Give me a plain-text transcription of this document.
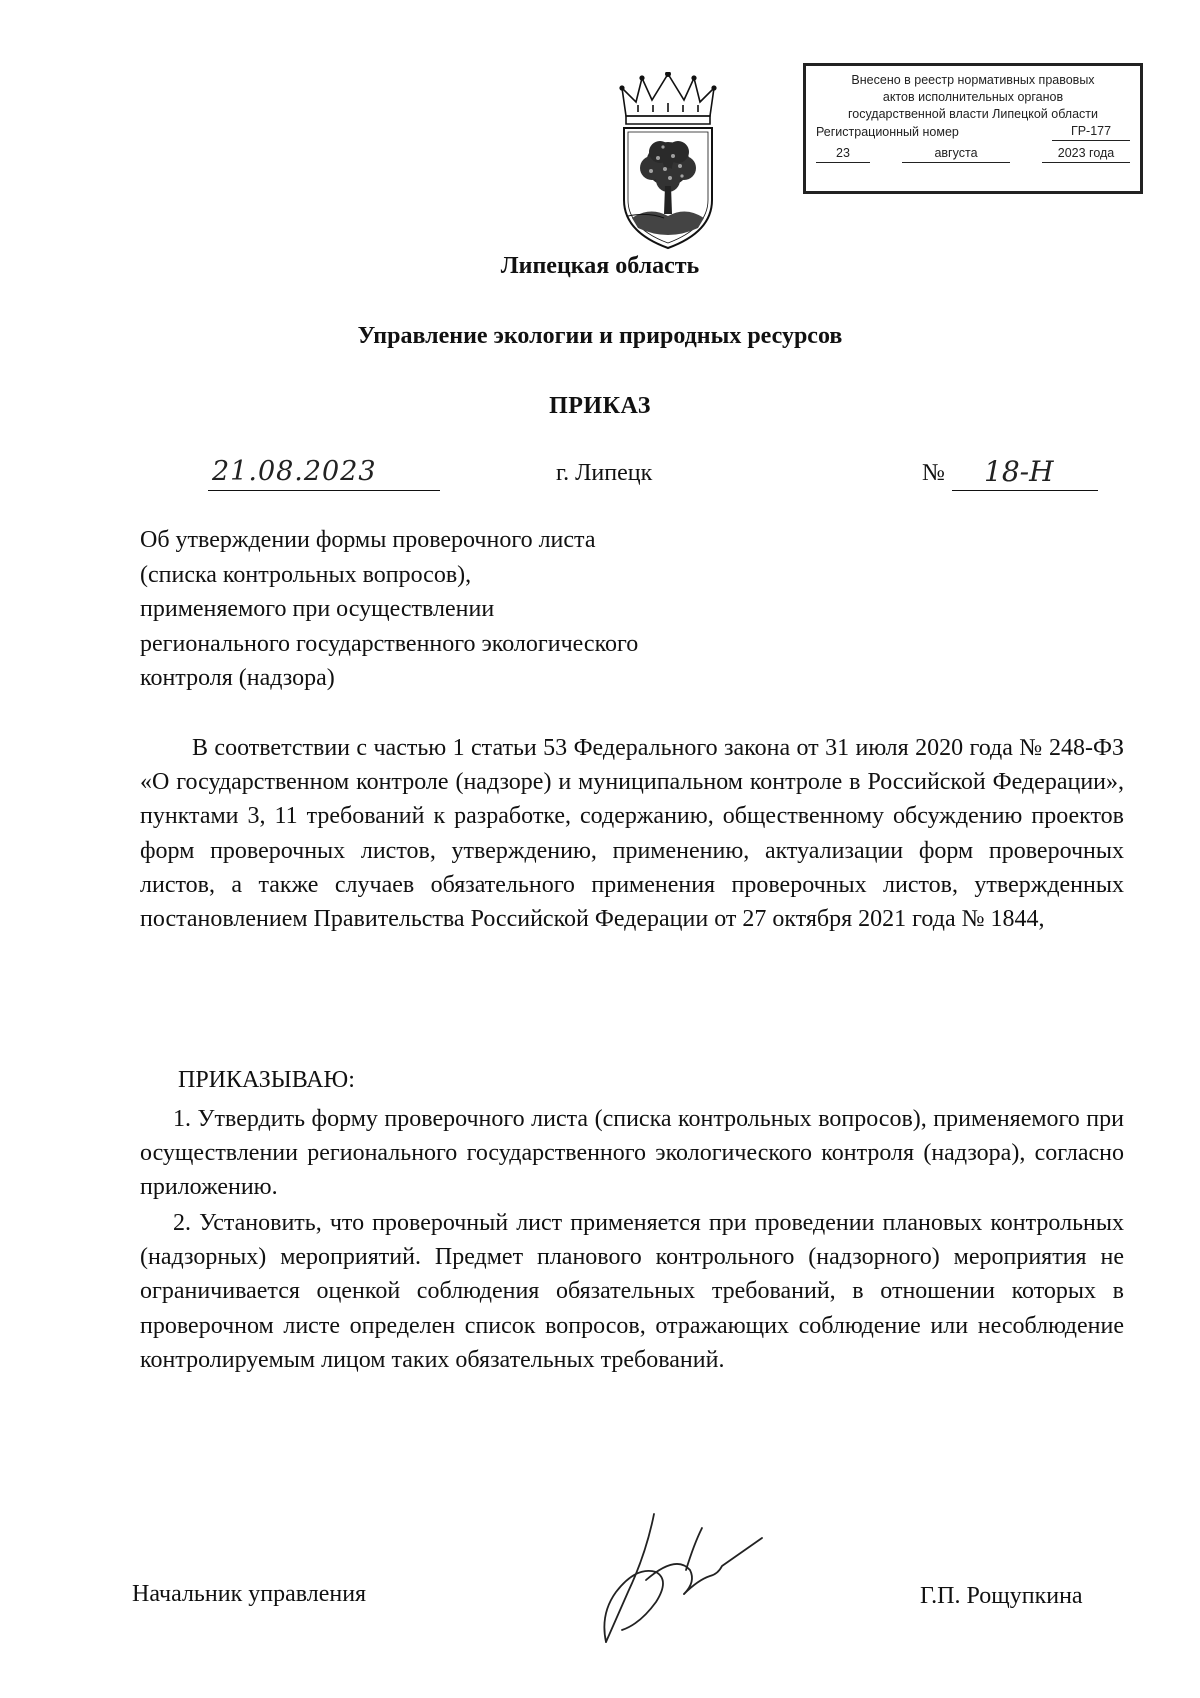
Внесено в реестр нормативных правовых
актов исполнительных органов
государственной власти Липецкой области
Регистрационный номер	ГР-177
23	августа	2023 года
Липецкая область
Управление экологии и природных ресурсов
ПРИКАЗ
21.08.2023	г. Липецк	№ 18-Н
Об утверждении формы проверочного листа
(списка контрольных вопросов),
применяемого при осуществлении
регионального государственного экологического
контроля (надзора)

В соответствии с частью 1 статьи 53 Федерального закона от 31 июля 2020 года № 248-ФЗ «О государственном контроле (надзоре) и муниципальном контроле в Российской Федерации», пунктами 3, 11 требований к разработке, содержанию, общественному обсуждению проектов форм проверочных листов, утверждению, применению, актуализации форм проверочных листов, а также случаев обязательного применения проверочных листов, утвержденных постановлением Правительства Российской Федерации от 27 октября 2021 года № 1844,

ПРИКАЗЫВАЮ:

1. Утвердить форму проверочного листа (списка контрольных вопросов), применяемого при осуществлении регионального государственного экологического контроля (надзора), согласно приложению.

2. Установить, что проверочный лист применяется при проведении плановых контрольных (надзорных) мероприятий. Предмет планового контрольного (надзорного) мероприятия не ограничивается оценкой соблюдения обязательных требований, в отношении которых в проверочном листе определен список вопросов, отражающих соблюдение или несоблюдение контролируемым лицом таких обязательных требований.

Начальник управления	Г.П. Рощупкина
